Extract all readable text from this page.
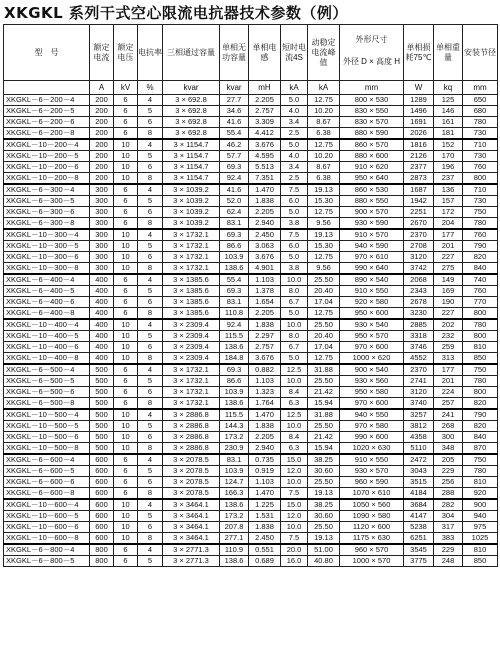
XKGKL 系列干式空心限流电抗器技术参数（例）
型　号	额定电流	额定电压	电抗率	三相通过容量	单相无功容量	单相电感	短时电流4S	动稳定电流峰值	外形尺寸
外径 D × 高度 H	单相损耗75℃	单相重量	安装节径
	A	kV	%	kvar	kvar	mH	kA	kA	mm	W	kq	mm
XKGKL－6－200－4	200	6	4	3 × 692.8	27.7	2.205	5.0	12.75	800 × 530	1289	125	650
XKGKL－6－200－5	200	6	5	3 × 692.8	34.6	2.757	4.0	10.20	830 × 550	1496	146	680
XKGKL－6－200－6	200	6	6	3 × 692.8	41.6	3.309	3.4	8.67	830 × 570	1691	161	780
XKGKL－6－200－8	200	6	8	3 × 692.8	55.4	4.412	2.5	6.38	880 × 590	2026	181	730
XKGKL－10－200－4	200	10	4	3 × 1154.7	46.2	3.676	5.0	12.75	860 × 570	1816	152	710
XKGKL－10－200－5	200	10	5	3 × 1154.7	57.7	4.595	4.0	10.20	880 × 600	2126	170	730
XKGKL－10－200－6	200	10	6	3 × 1154.7	69.3	5.513	3.4	8.67	910 × 620	2377	196	760
XKGKL－10－200－8	200	10	8	3 × 1154.7	92.4	7.351	2.5	6.38	950 × 640	2873	237	800
XKGKL－6－300－4	300	6	4	3 × 1039.2	41.6	1.470	7.5	19.13	860 × 530	1687	136	710
XKGKL－6－300－5	300	6	5	3 × 1039.2	52.0	1.838	6.0	15.30	880 × 550	1942	157	730
XKGKL－6－300－6	300	6	6	3 × 1039.2	62.4	2.205	5.0	12.75	900 × 570	2251	172	750
XKGKL－6－300－8	300	6	8	3 × 1039.2	83.1	2.940	3.8	9.56	930 × 590	2670	204	780
XKGKL－10－300－4	300	10	4	3 × 1732.1	69.3	2.450	7.5	19.13	910 × 570	2370	177	760
XKGKL－10－300－5	300	10	5	3 × 1732.1	86.6	3.063	6.0	15.30	940 × 590	2708	201	790
XKGKL－10－300－6	300	10	6	3 × 1732.1	103.9	3.676	5.0	12.75	970 × 610	3120	227	820
XKGKL－10－300－8	300	10	8	3 × 1732.1	138.6	4.901	3.8	9.56	990 × 640	3742	275	840
XKGKL－6－400－4	400	6	4	3 × 1385.6	55.4	1.103	10.0	25.50	890 × 540	2068	149	740
XKGKL－6－400－5	400	6	5	3 × 1385.6	69.3	1.378	8.0	20.40	910 × 550	2343	169	760
XKGKL－6－400－6	400	6	6	3 × 1385.6	83.1	1.654	6.7	17.04	920 × 580	2678	190	770
XKGKL－6－400－8	400	6	8	3 × 1385.6	110.8	2.205	5.0	12.75	950 × 600	3230	227	800
XKGKL－10－400－4	400	10	4	3 × 2309.4	92.4	1.838	10.0	25.50	930 × 540	2885	202	780
XKGKL－10－400－5	400	10	5	3 × 2309.4	115.5	2.297	8.0	20.40	950 × 570	3318	232	800
XKGKL－10－400－6	400	10	6	3 × 2309.4	138.6	2.757	6.7	17.04	970 × 600	3746	259	810
XKGKL－10－400－8	400	10	8	3 × 2309.4	184.8	3.676	5.0	12.75	1000 × 620	4552	313	850
XKGKL－6－500－4	500	6	4	3 × 1732.1	69.3	0.882	12.5	31.88	900 × 540	2370	177	750
XKGKL－6－500－5	500	6	5	3 × 1732.1	86.6	1.103	10.0	25.50	930 × 560	2741	201	780
XKGKL－6－500－6	500	6	6	3 × 1732.1	103.9	1.323	8.4	21.42	950 × 580	3120	224	800
XKGKL－6－500－8	500	6	8	3 × 1732.1	138.6	1.764	6.3	15.94	970 × 600	3740	257	820
XKGKL－10－500－4	500	10	4	3 × 2886.8	115.5	1.470	12.5	31.88	940 × 550	3257	241	790
XKGKL－10－500－5	500	10	5	3 × 2886.8	144.3	1.838	10.0	25.50	970 × 580	3812	268	820
XKGKL－10－500－6	500	10	6	3 × 2886.8	173.2	2.205	8.4	21.42	990 × 600	4358	300	840
XKGKL－10－500－8	500	10	8	3 × 2886.8	230.9	2.940	6.3	15.94	1020 × 630	5110	348	870
XKGKL－6－600－4	600	6	4	3 × 2078.5	83.1	0.735	15.0	38.25	910 × 550	2472	205	750
XKGKL－6－600－5	600	6	5	3 × 2078.5	103.9	0.919	12.0	30.60	930 × 570	3043	229	780
XKGKL－6－600－6	600	6	6	3 × 2078.5	124.7	1.103	10.0	25.50	960 × 590	3515	256	810
XKGKL－6－600－8	600	6	8	3 × 2078.5	166.3	1.470	7.5	19.13	1070 × 610	4184	288	920
XKGKL－10－600－4	600	10	4	3 × 3464.1	138.6	1.225	15.0	38.25	1050 × 560	3684	282	900
XKGKL－10－600－5	600	10	5	3 × 3464.1	173.2	1.531	12.0	30.60	1090 × 580	4147	304	940
XKGKL－10－600－6	600	10	6	3 × 3464.1	207.8	1.838	10.0	25.50	1120 × 600	5238	317	975
XKGKL－10－600－8	600	10	8	3 × 3464.1	277.1	2.450	7.5	19.13	1175 × 630	6251	383	1025
XKGKL－6－800－4	800	6	4	3 × 2771.3	110.9	0.551	20.0	51.00	960 × 570	3545	229	810
XKGKL－6－800－5	800	6	5	3 × 2771.3	138.6	0.689	16.0	40.80	1000 × 570	3775	248	850
